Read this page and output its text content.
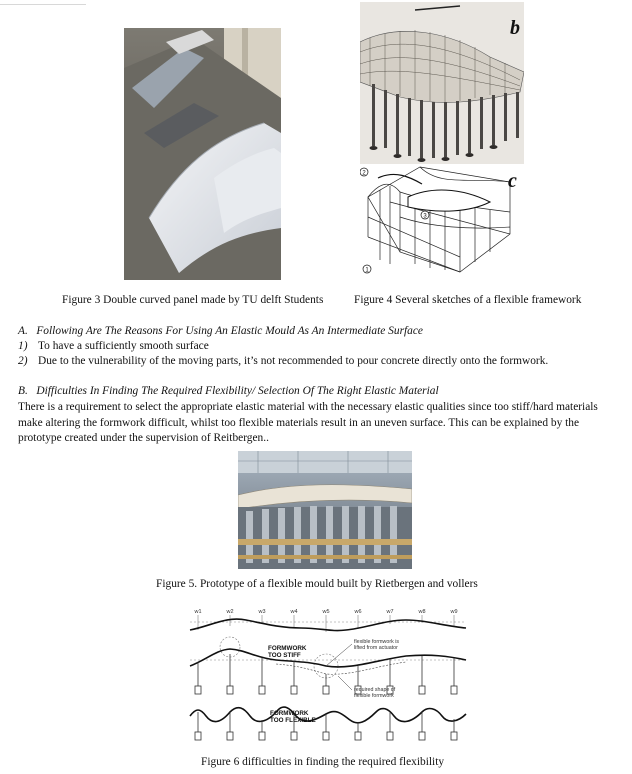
b
c
2
3
1
Figure 3 Double curved panel made by TU delft Students	Figure 4 Several sketches of a flexible framework
A.   Following Are The Reasons For Using An Elastic Mould As An Intermediate Surface
1) To have a sufficiently smooth surface
2) Due to the vulnerability of the moving parts, it’s not recommended to pour concrete directly onto the formwork.
B.   Difficulties In Finding The Required Flexibility/ Selection Of The Right Elastic Material
There is a requirement to select the appropriate elastic material with the necessary elastic qualities since too stiff/hard materials make altering the formwork difficult, whilst too flexible materials result in an uneven surface. This can be explained by the prototype created under the supervision of Reitbergen..
Figure 5. Prototype of a flexible mould built by Rietbergen and vollers
w1	w2	w3	w4	w5	w6	w7	w8	w9
FORMWORK
TOO STIFF
FORMWORK
TOO FLEXIBLE
flexible formwork is
lifted from actuator
required shape of
flexible formwork
Figure 6 difficulties in finding the required flexibility
